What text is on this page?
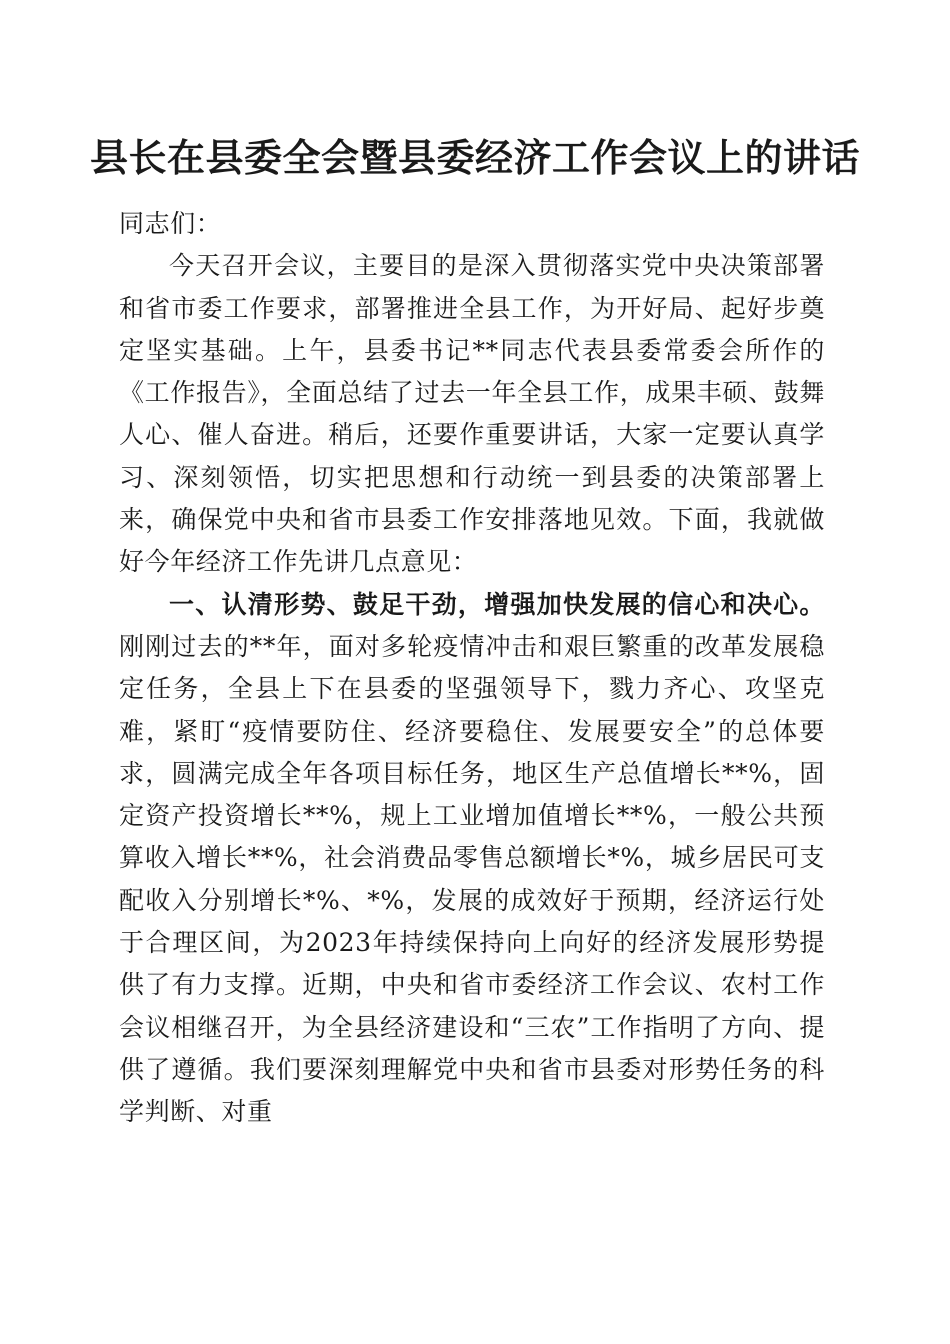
县长在县委全会暨县委经济工作会议上的讲话

同志们：

今天召开会议，主要目的是深入贯彻落实党中央决策部署和省市委工作要求，部署推进全县工作，为开好局、起好步奠定坚实基础。上午，县委书记**同志代表县委常委会所作的《工作报告》，全面总结了过去一年全县工作，成果丰硕、鼓舞人心、催人奋进。稍后，还要作重要讲话，大家一定要认真学习、深刻领悟，切实把思想和行动统一到县委的决策部署上来，确保党中央和省市县委工作安排落地见效。下面，我就做好今年经济工作先讲几点意见：

一、认清形势、鼓足干劲，增强加快发展的信心和决心。刚刚过去的**年，面对多轮疫情冲击和艰巨繁重的改革发展稳定任务，全县上下在县委的坚强领导下，戮力齐心、攻坚克难，紧盯“疫情要防住、经济要稳住、发展要安全”的总体要求，圆满完成全年各项目标任务，地区生产总值增长**%，固定资产投资增长**%，规上工业增加值增长**%，一般公共预算收入增长**%，社会消费品零售总额增长*%，城乡居民可支配收入分别增长*%、*%，发展的成效好于预期，经济运行处于合理区间，为2023年持续保持向上向好的经济发展形势提供了有力支撑。近期，中央和省市委经济工作会议、农村工作会议相继召开，为全县经济建设和“三农”工作指明了方向、提供了遵循。我们要深刻理解党中央和省市县委对形势任务的科学判断、对重
